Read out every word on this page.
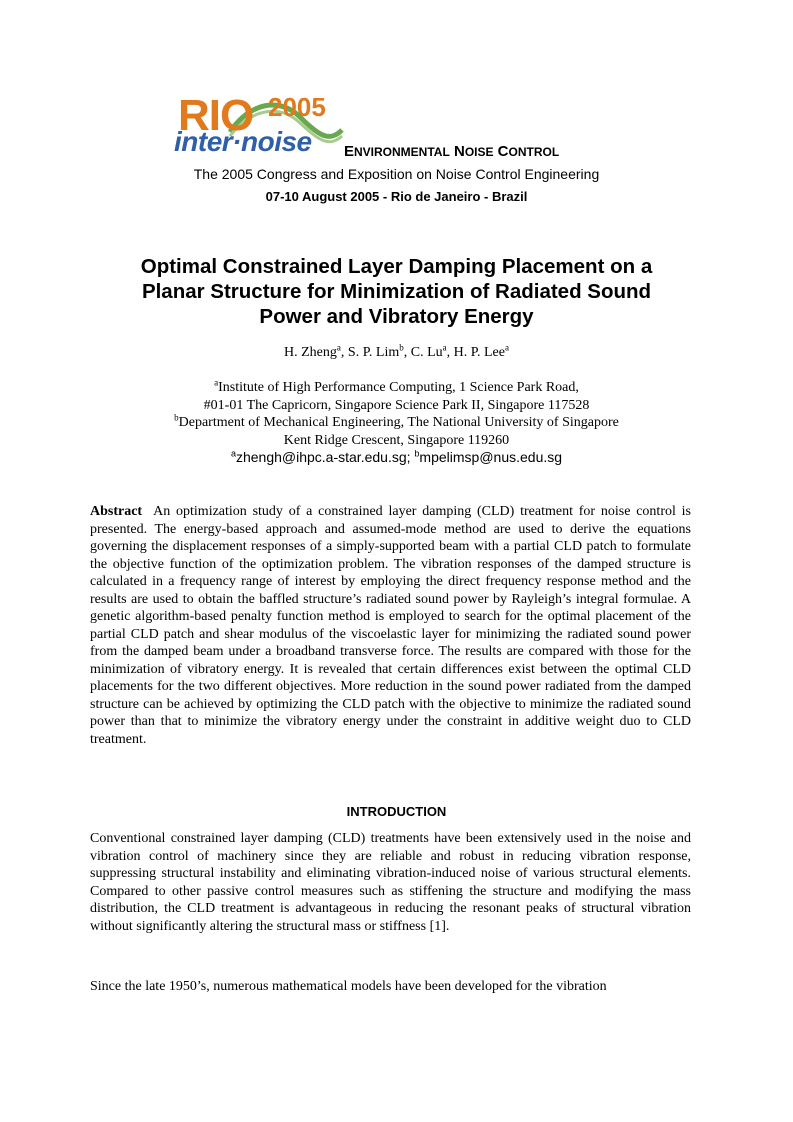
RIO 2005
inter·noise ENVIRONMENTAL NOISE CONTROL
The 2005 Congress and Exposition on Noise Control Engineering
07-10 August 2005 - Rio de Janeiro - Brazil
Optimal Constrained Layer Damping Placement on a
Planar Structure for Minimization of Radiated Sound
Power and Vibratory Energy
H. Zheng$^a$, S. P. Lim$^b$, C. Lu$^a$, H. P. Lee$^a$
$^a$Institute of High Performance Computing, 1 Science Park Road,
#01-01 The Capricorn, Singapore Science Park II, Singapore 117528
$^b$Department of Mechanical Engineering, The National University of Singapore
Kent Ridge Crescent, Singapore 119260
$^a$zhengh@ihpc.a-star.edu.sg; $^b$mpelimsp@nus.edu.sg
Abstract An optimization study of a constrained layer damping (CLD) treatment for noise control is presented. The energy-based approach and assumed-mode method are used to derive the equations governing the displacement responses of a simply-supported beam with a partial CLD patch to formulate the objective function of the optimization problem. The vibration responses of the damped structure is calculated in a frequency range of interest by employing the direct frequency response method and the results are used to obtain the baffled structure’s radiated sound power by Rayleigh’s integral formulae. A genetic algorithm-based penalty function method is employed to search for the optimal placement of the partial CLD patch and shear modulus of the viscoelastic layer for minimizing the radiated sound power from the damped beam under a broadband transverse force. The results are compared with those for the minimization of vibratory energy. It is revealed that certain differences exist between the optimal CLD placements for the two different objectives. More reduction in the sound power radiated from the damped structure can be achieved by optimizing the CLD patch with the objective to minimize the radiated sound power than that to minimize the vibratory energy under the constraint in additive weight duo to CLD treatment.
INTRODUCTION
Conventional constrained layer damping (CLD) treatments have been extensively used in the noise and vibration control of machinery since they are reliable and robust in reducing vibration response, suppressing structural instability and eliminating vibration-induced noise of various structural elements. Compared to other passive control measures such as stiffening the structure and modifying the mass distribution, the CLD treatment is advantageous in reducing the resonant peaks of structural vibration without significantly altering the structural mass or stiffness [1].
Since the late 1950’s, numerous mathematical models have been developed for the vibration
